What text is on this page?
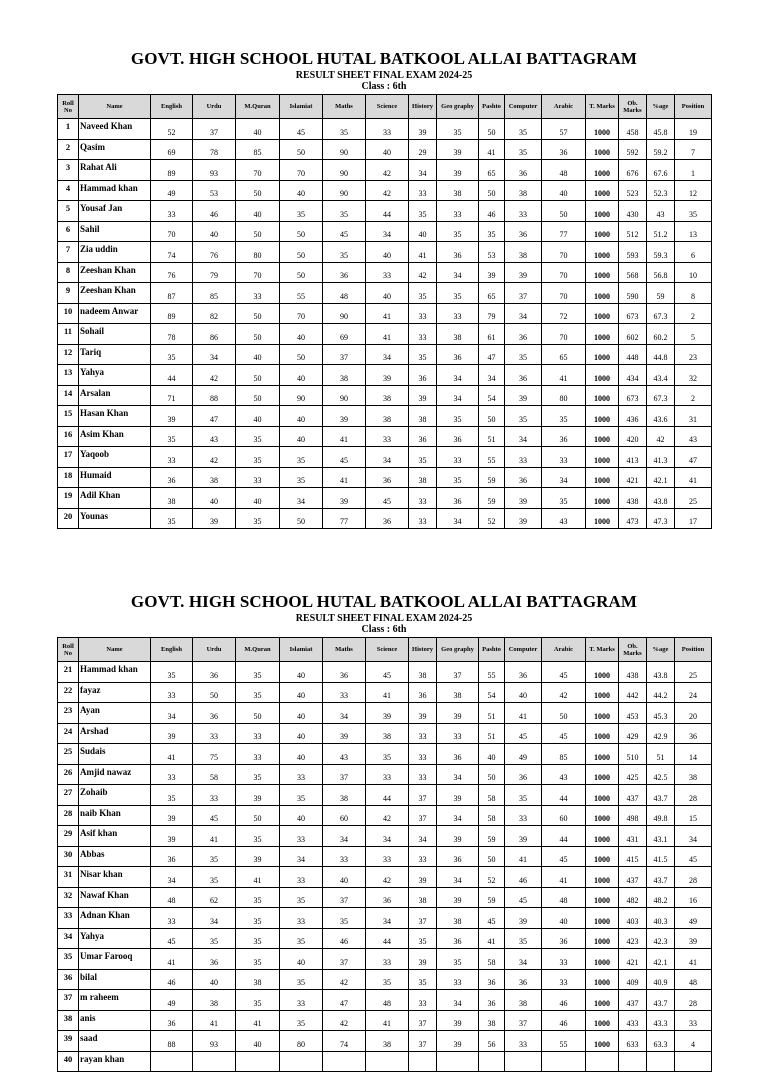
GOVT. HIGH SCHOOL HUTAL BATKOOL ALLAI BATTAGRAM
RESULT SHEET FINAL EXAM 2024-25
Class : 6th
Roll No	Name	English	Urdu	M.Quran	Islamiat	Maths	Science	History	Geo graphy	Pashto	Computer	Arabic	T. Marks	Ob. Marks	%age	Position
1	Naveed Khan	52	37	40	45	35	33	39	35	50	35	57	1000	458	45.8	19
2	Qasim	69	78	85	50	90	40	29	39	41	35	36	1000	592	59.2	7
3	Rahat Ali	89	93	70	70	90	42	34	39	65	36	48	1000	676	67.6	1
4	Hammad khan	49	53	50	40	90	42	33	38	50	38	40	1000	523	52.3	12
5	Yousaf Jan	33	46	40	35	35	44	35	33	46	33	50	1000	430	43	35
6	Sahil	70	40	50	50	45	34	40	35	35	36	77	1000	512	51.2	13
7	Zia uddin	74	76	80	50	35	40	41	36	53	38	70	1000	593	59.3	6
8	Zeeshan Khan	76	79	70	50	36	33	42	34	39	39	70	1000	568	56.8	10
9	Zeeshan Khan	87	85	33	55	48	40	35	35	65	37	70	1000	590	59	8
10	nadeem Anwar	89	82	50	70	90	41	33	33	79	34	72	1000	673	67.3	2
11	Sohail	78	86	50	40	69	41	33	38	61	36	70	1000	602	60.2	5
12	Tariq	35	34	40	50	37	34	35	36	47	35	65	1000	448	44.8	23
13	Yahya	44	42	50	40	38	39	36	34	34	36	41	1000	434	43.4	32
14	Arsalan	71	88	50	90	90	38	39	34	54	39	80	1000	673	67.3	2
15	Hasan Khan	39	47	40	40	39	38	38	35	50	35	35	1000	436	43.6	31
16	Asim Khan	35	43	35	40	41	33	36	36	51	34	36	1000	420	42	43
17	Yaqoob	33	42	35	35	45	34	35	33	55	33	33	1000	413	41.3	47
18	Humaid	36	38	33	35	41	36	38	35	59	36	34	1000	421	42.1	41
19	Adil Khan	38	40	40	34	39	45	33	36	59	39	35	1000	438	43.8	25
20	Younas	35	39	35	50	77	36	33	34	52	39	43	1000	473	47.3	17
GOVT. HIGH SCHOOL HUTAL BATKOOL ALLAI BATTAGRAM
RESULT SHEET FINAL EXAM 2024-25
Class : 6th
Roll No	Name	English	Urdu	M.Quran	Islamiat	Maths	Science	History	Geo graphy	Pashto	Computer	Arabic	T. Marks	Ob. Marks	%age	Position
21	Hammad khan	35	36	35	40	36	45	38	37	55	36	45	1000	438	43.8	25
22	fayaz	33	50	35	40	33	41	36	38	54	40	42	1000	442	44.2	24
23	Ayan	34	36	50	40	34	39	39	39	51	41	50	1000	453	45.3	20
24	Arshad	39	33	33	40	39	38	33	33	51	45	45	1000	429	42.9	36
25	Sudais	41	75	33	40	43	35	33	36	40	49	85	1000	510	51	14
26	Amjid nawaz	33	58	35	33	37	33	33	34	50	36	43	1000	425	42.5	38
27	Zohaib	35	33	39	35	38	44	37	39	58	35	44	1000	437	43.7	28
28	naib Khan	39	45	50	40	60	42	37	34	58	33	60	1000	498	49.8	15
29	Asif khan	39	41	35	33	34	34	34	39	59	39	44	1000	431	43.1	34
30	Abbas	36	35	39	34	33	33	33	36	50	41	45	1000	415	41.5	45
31	Nisar khan	34	35	41	33	40	42	39	34	52	46	41	1000	437	43.7	28
32	Nawaf Khan	48	62	35	35	37	36	38	39	59	45	48	1000	482	48.2	16
33	Adnan Khan	33	34	35	33	35	34	37	38	45	39	40	1000	403	40.3	49
34	Yahya	45	35	35	35	46	44	35	36	41	35	36	1000	423	42.3	39
35	Umar Farooq	41	36	35	40	37	33	39	35	58	34	33	1000	421	42.1	41
36	bilal	46	40	38	35	42	35	35	33	36	36	33	1000	409	40.9	48
37	m raheem	49	38	35	33	47	48	33	34	36	38	46	1000	437	43.7	28
38	anis	36	41	41	35	42	41	37	39	38	37	46	1000	433	43.3	33
39	saad	88	93	40	80	74	38	37	39	56	33	55	1000	633	63.3	4
40	rayan khan															
